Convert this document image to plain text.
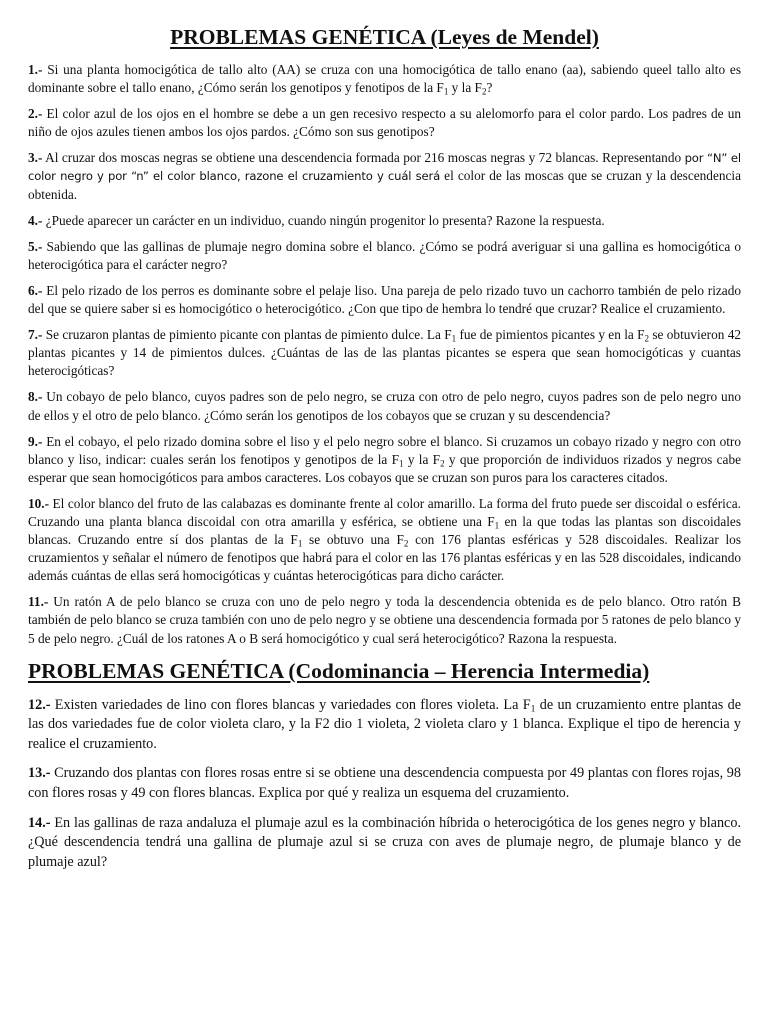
PROBLEMAS GENÉTICA (Leyes de Mendel)

1.- Si una planta homocigótica de tallo alto (AA) se cruza con una homocigótica de tallo enano (aa), sabiendo queel tallo alto es dominante sobre el tallo enano, ¿Cómo serán los genotipos y fenotipos de la $F_1$ y la $F_2$?

2.- El color azul de los ojos en el hombre se debe a un gen recesivo respecto a su alelomorfo para el color pardo. Los padres de un niño de ojos azules tienen ambos los ojos pardos. ¿Cómo son sus genotipos?

3.- Al cruzar dos moscas negras se obtiene una descendencia formada por 216 moscas negras y 72 blancas. Representando por “N” el color negro y por “n” el color blanco, razone el cruzamiento y cuál será el color de las moscas que se cruzan y la descendencia obtenida.

4.- ¿Puede aparecer un carácter en un individuo, cuando ningún progenitor lo presenta? Razone la respuesta.

5.- Sabiendo que las gallinas de plumaje negro domina sobre el blanco. ¿Cómo se podrá averiguar si una gallina es homocigótica o heterocigótica para el carácter negro?

6.- El pelo rizado de los perros es dominante sobre el pelaje liso. Una pareja de pelo rizado tuvo un cachorro también de pelo rizado del que se quiere saber si es homocigótico o heterocigótico. ¿Con que tipo de hembra lo tendré que cruzar? Realice el cruzamiento.

7.- Se cruzaron plantas de pimiento picante con plantas de pimiento dulce. La $F_1$ fue de pimientos picantes y en la $F_2$ se obtuvieron 42 plantas picantes y 14 de pimientos dulces. ¿Cuántas de las de las plantas picantes se espera que sean homocigóticas y cuantas heterocigóticas?

8.- Un cobayo de pelo blanco, cuyos padres son de pelo negro, se cruza con otro de pelo negro, cuyos padres son de pelo negro uno de ellos y el otro de pelo blanco. ¿Cómo serán los genotipos de los cobayos que se cruzan y su descendencia?

9.- En el cobayo, el pelo rizado domina sobre el liso y el pelo negro sobre el blanco. Si cruzamos un cobayo rizado y negro con otro blanco y liso, indicar: cuales serán los fenotipos y genotipos de la $F_1$ y la $F_2$ y que proporción de individuos rizados y negros cabe esperar que sean homocigóticos para ambos caracteres. Los cobayos que se cruzan son puros para los caracteres citados.

10.- El color blanco del fruto de las calabazas es dominante frente al color amarillo. La forma del fruto puede ser discoidal o esférica. Cruzando una planta blanca discoidal con otra amarilla y esférica, se obtiene una $F_1$ en la que todas las plantas son discoidales blancas. Cruzando entre sí dos plantas de la $F_1$ se obtuvo una $F_2$ con 176 plantas esféricas y 528 discoidales. Realizar los cruzamientos y señalar el número de fenotipos que habrá para el color en las 176 plantas esféricas y en las 528 discoidales, indicando además cuántas de ellas será homocigóticas y cuántas heterocigóticas para dicho carácter.

11.- Un ratón A de pelo blanco se cruza con uno de pelo negro y toda la descendencia obtenida es de pelo blanco. Otro ratón B también de pelo blanco se cruza también con uno de pelo negro y se obtiene una descendencia formada por 5 ratones de pelo blanco y 5 de pelo negro. ¿Cuál de los ratones A o B será homocigótico y cual será heterocigótico? Razona la respuesta.

PROBLEMAS GENÉTICA (Codominancia – Herencia Intermedia)

12.- Existen variedades de lino con flores blancas y variedades con flores violeta. La $F_1$ de un cruzamiento entre plantas de las dos variedades fue de color violeta claro, y la F2 dio 1 violeta, 2 violeta claro y 1 blanca. Explique el tipo de herencia y realice el cruzamiento.

13.- Cruzando dos plantas con flores rosas entre si se obtiene una descendencia compuesta por 49 plantas con flores rojas, 98 con flores rosas y 49 con flores blancas. Explica por qué y realiza un esquema del cruzamiento.

14.- En las gallinas de raza andaluza el plumaje azul es la combinación híbrida o heterocigótica de los genes negro y blanco. ¿Qué descendencia tendrá una gallina de plumaje azul si se cruza con aves de plumaje negro, de plumaje blanco y de plumaje azul?
